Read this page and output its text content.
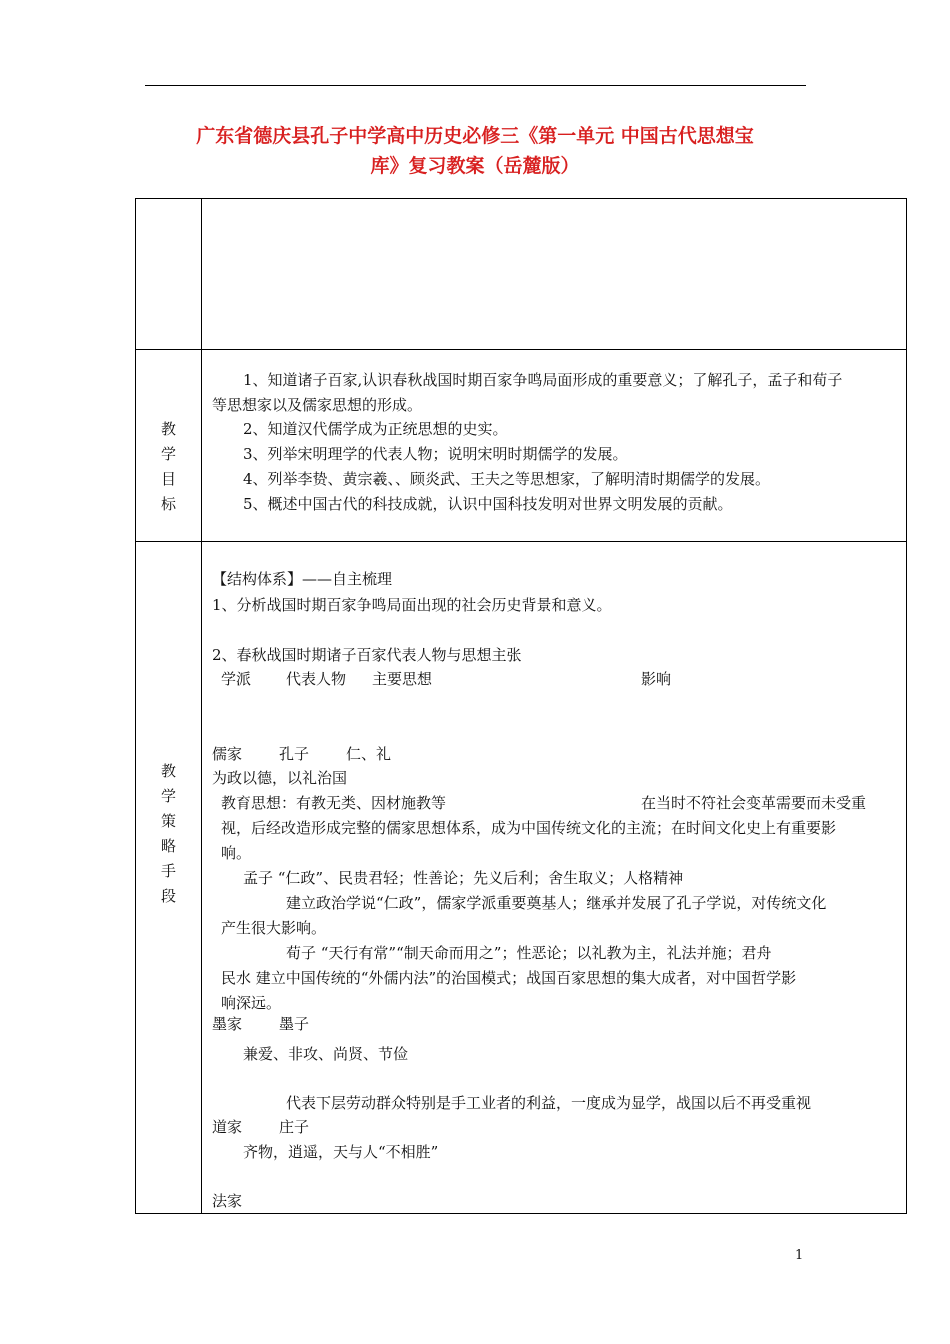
广东省德庆县孔子中学高中历史必修三《第一单元 中国古代思想宝
库》复习教案（岳麓版）
教
学
目
标
1、知道诸子百家,认识春秋战国时期百家争鸣局面形成的重要意义；了解孔子，孟子和荀子
等思想家以及儒家思想的形成。
2、知道汉代儒学成为正统思想的史实。
3、列举宋明理学的代表人物；说明宋明时期儒学的发展。
4、列举李贽、黄宗羲、、顾炎武、王夫之等思想家，了解明清时期儒学的发展。
5、概述中国古代的科技成就，认识中国科技发明对世界文明发展的贡献。
教
学
策
略
手
段
【结构体系】——自主梳理
1、分析战国时期百家争鸣局面出现的社会历史背景和意义。
2、春秋战国时期诸子百家代表人物与思想主张
学派 代表人物 主要思想	影响
儒家 孔子 仁、礼
为政以德，以礼治国
教育思想：有教无类、因材施教等	在当时不符社会变革需要而未受重
视，后经改造形成完整的儒家思想体系，成为中国传统文化的主流；在时间文化史上有重要影
响。
孟子 “仁政”、民贵君轻；性善论；先义后利；舍生取义；人格精神
建立政治学说“仁政”，儒家学派重要奠基人；继承并发展了孔子学说，对传统文化
产生很大影响。
荀子 “天行有常”“制天命而用之”；性恶论；以礼教为主，礼法并施；君舟
民水 建立中国传统的“外儒内法”的治国模式；战国百家思想的集大成者，对中国哲学影
响深远。
墨家 墨子
兼爱、非攻、尚贤、节俭
代表下层劳动群众特别是手工业者的利益，一度成为显学，战国以后不再受重视
道家 庄子
齐物，逍遥，天与人“不相胜”
法家
1
